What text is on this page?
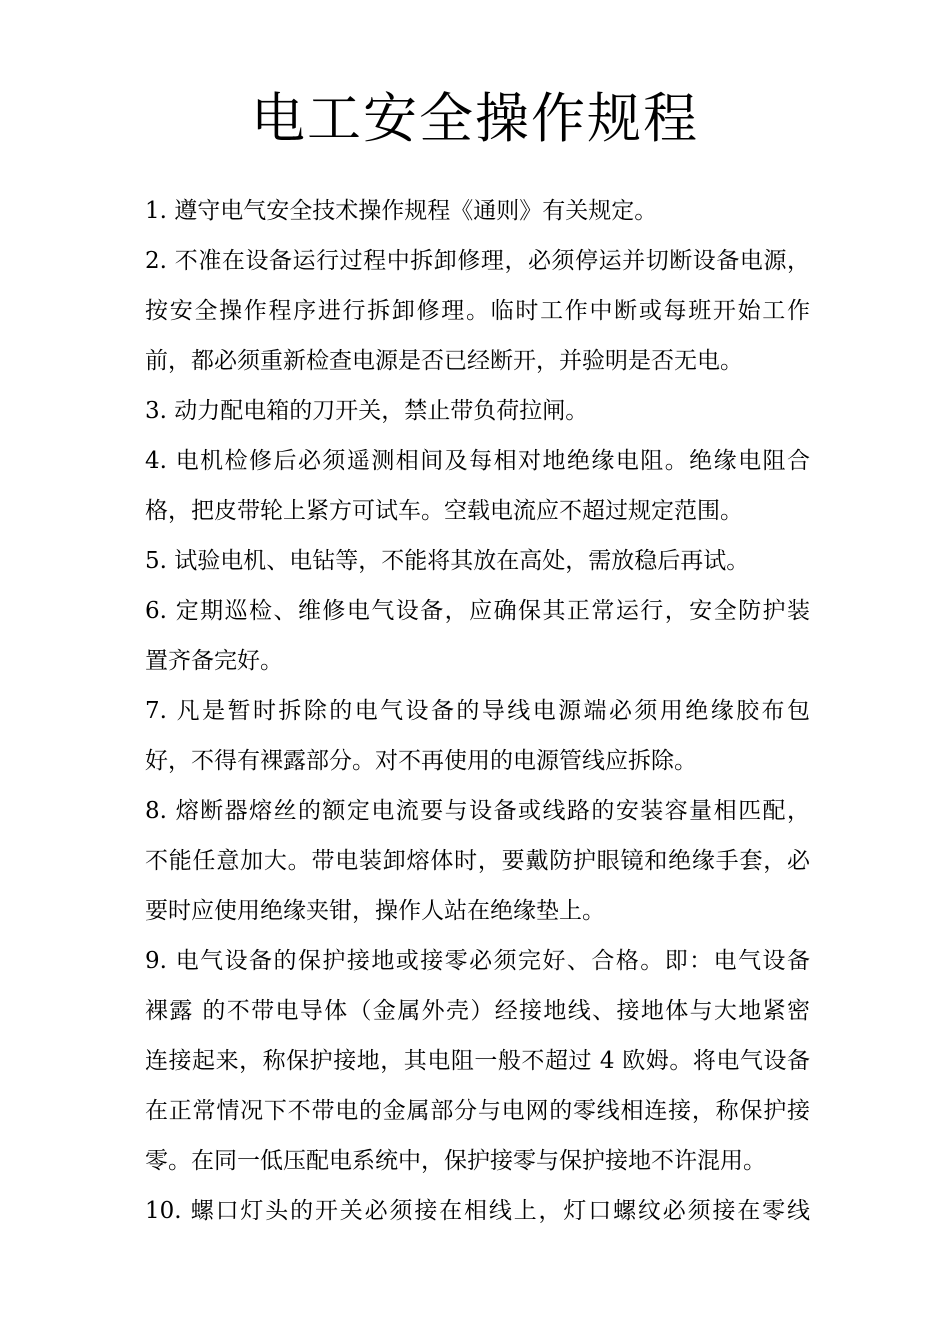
电工安全操作规程
1. 遵守电气安全技术操作规程《通则》有关规定。
2. 不准在设备运行过程中拆卸修理，必须停运并切断设备电源，
按安全操作程序进行拆卸修理。临时工作中断或每班开始工作
前，都必须重新检查电源是否已经断开，并验明是否无电。
3. 动力配电箱的刀开关，禁止带负荷拉闸。
4. 电机检修后必须遥测相间及每相对地绝缘电阻。绝缘电阻合
格，把皮带轮上紧方可试车。空载电流应不超过规定范围。
5. 试验电机、电钻等，不能将其放在高处，需放稳后再试。
6. 定期巡检、维修电气设备，应确保其正常运行，安全防护装
置齐备完好。
7. 凡是暂时拆除的电气设备的导线电源端必须用绝缘胶布包
好，不得有裸露部分。对不再使用的电源管线应拆除。
8. 熔断器熔丝的额定电流要与设备或线路的安装容量相匹配，
不能任意加大。带电装卸熔体时，要戴防护眼镜和绝缘手套，必
要时应使用绝缘夹钳，操作人站在绝缘垫上。
9. 电气设备的保护接地或接零必须完好、合格。即：电气设备
裸露 的不带电导体（金属外壳）经接地线、接地体与大地紧密
连接起来，称保护接地，其电阻一般不超过 4 欧姆。将电气设备
在正常情况下不带电的金属部分与电网的零线相连接，称保护接
零。在同一低压配电系统中，保护接零与保护接地不许混用。
10. 螺口灯头的开关必须接在相线上，灯口螺纹必须接在零线
